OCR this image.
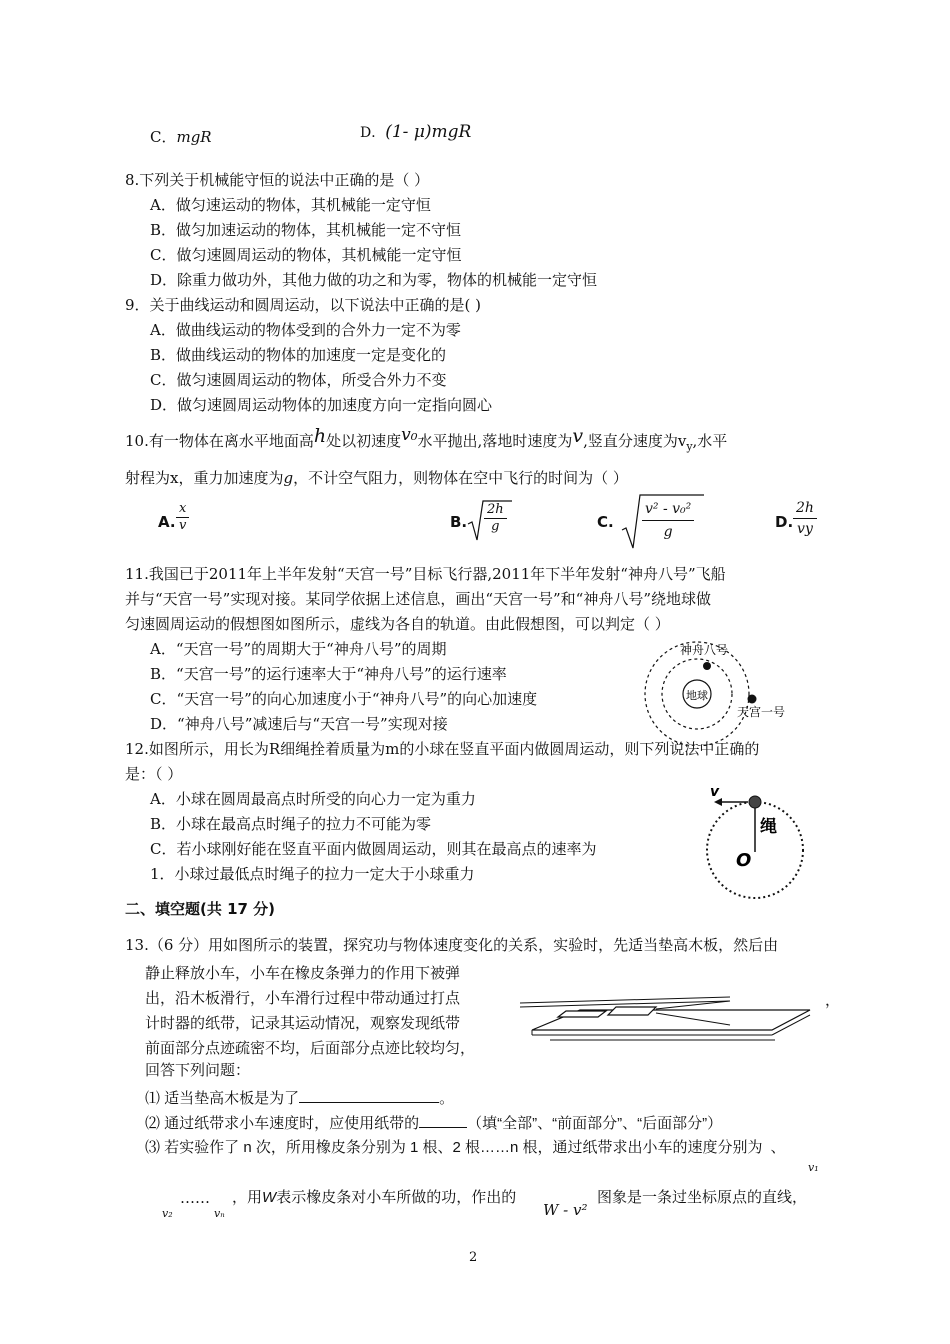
C．mgR	D．(1- μ)mgR
8.下列关于机械能守恒的说法中正确的是（ ）
A．做匀速运动的物体，其机械能一定守恒
B．做匀加速运动的物体，其机械能一定不守恒
C．做匀速圆周运动的物体，其机械能一定守恒
D．除重力做功外，其他力做的功之和为零，物体的机械能一定守恒
9．关于曲线运动和圆周运动，以下说法中正确的是( )
A．做曲线运动的物体受到的合外力一定不为零
B．做曲线运动的物体的加速度一定是变化的
C．做匀速圆周运动的物体，所受合外力不变
D．做匀速圆周运动物体的加速度方向一定指向圆心
10.有一物体在离水平地面高h处以初速度v₀水平抛出,落地时速度为v,竖直分速度为$v_y$,水平
射程为x，重力加速度为g，不计空气阻力，则物体在空中飞行的时间为（ ）
A. $\frac{x}{v}$	B. $\frac{2h}{g}$	C. $\frac{\text{v² - v₀²}}{g}$	D. $\frac{2h}{vy}$
11.我国已于2011年上半年发射“天宫一号”目标飞行器,2011年下半年发射“神舟八号”飞船
并与“天宫一号”实现对接。某同学依据上述信息，画出“天宫一号”和“神舟八号”绕地球做
匀速圆周运动的假想图如图所示，虚线为各自的轨道。由此假想图，可以判定（ ）
A．“天宫一号”的周期大于“神舟八号”的周期
B．“天宫一号”的运行速率大于“神舟八号”的运行速率
C．“天宫一号”的向心加速度小于“神舟八号”的向心加速度
D．“神舟八号”减速后与“天宫一号”实现对接
地球
神舟八号
天宫一号
12.如图所示，用长为R细绳拴着质量为m的小球在竖直平面内做圆周运动，则下列说法中正确的
是：（ ）
A．小球在圆周最高点时所受的向心力一定为重力
B．小球在最高点时绳子的拉力不可能为零
C．若小球刚好能在竖直平面内做圆周运动，则其在最高点的速率为
1．小球过最低点时绳子的拉力一定大于小球重力
v
绳
O
二、填空题(共 17 分)
13.（6 分）用如图所示的装置，探究功与物体速度变化的关系，实验时，先适当垫高木板，然后由
静止释放小车，小车在橡皮条弹力的作用下被弹
出，沿木板滑行，小车滑行过程中带动通过打点
计时器的纸带，记录其运动情况，观察发现纸带
前面部分点迹疏密不均，后面部分点迹比较均匀，
回答下列问题：
，
⑴ 适当垫高木板是为了	。
⑵ 通过纸带求小车速度时，应使用纸带的	（填“全部”、“前面部分”、“后面部分”）
⑶ 若实验作了 n 次，所用橡皮条分别为 1 根、2 根……n 根，通过纸带求出小车的速度分别为 、
v₁
……
v₂	vₙ
，用W表示橡皮条对小车所做的功，作出的
W - v²
图象是一条过坐标原点的直线，
2
